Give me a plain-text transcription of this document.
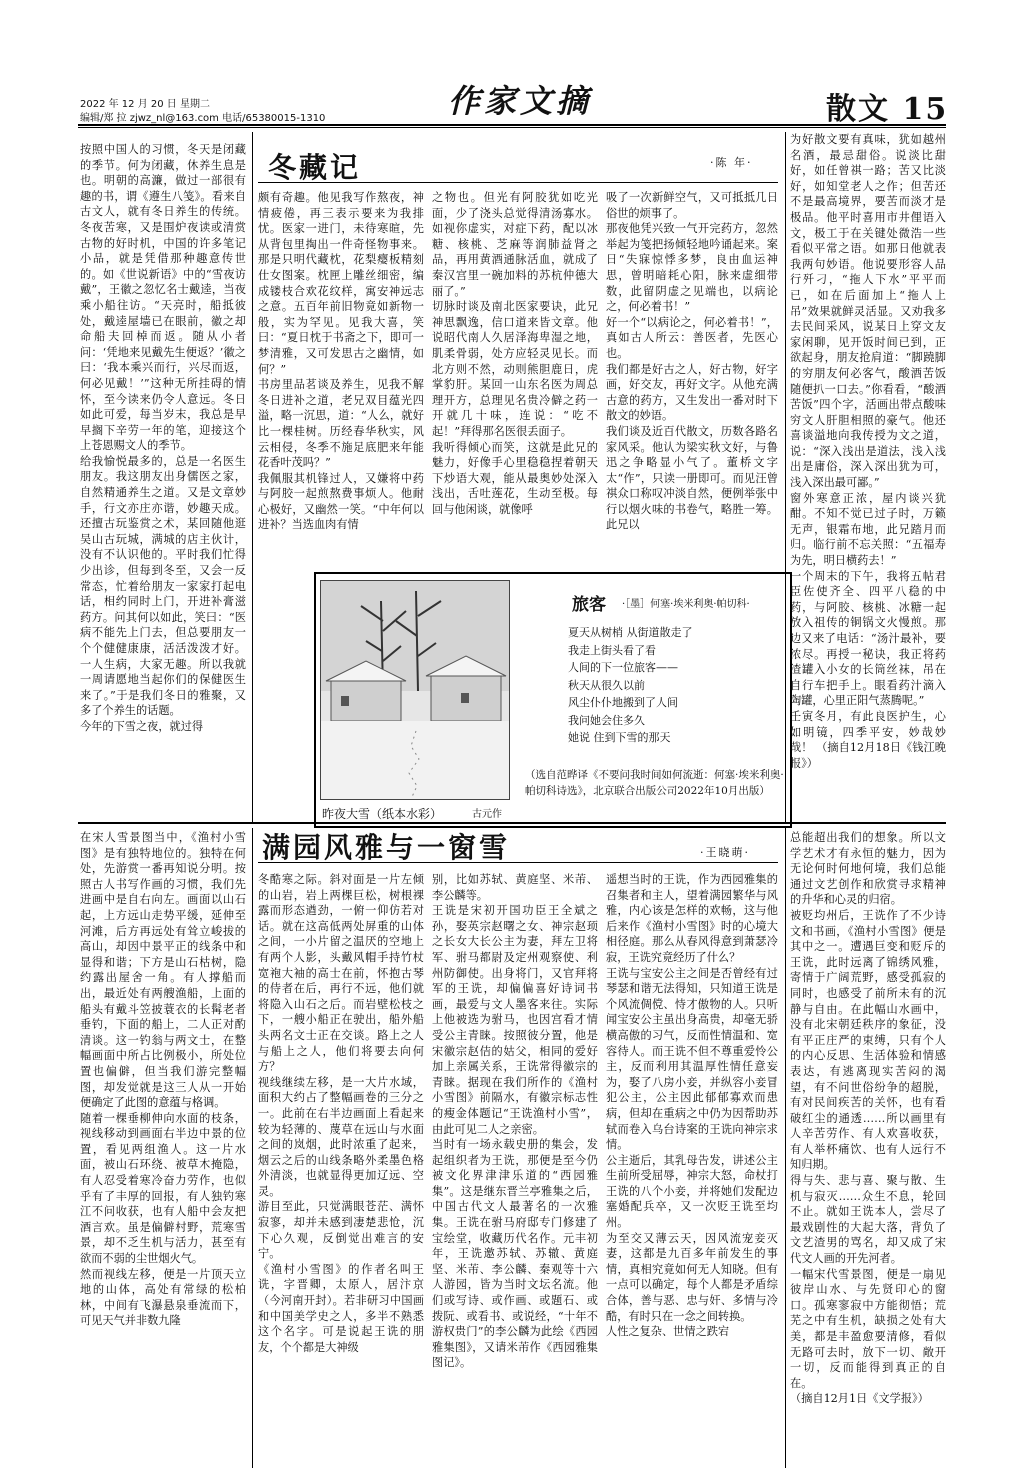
2022 年 12 月 20 日 星期二
编辑/郑 拉 zjwz_nl@163.com 电话/65380015-1310	作家文摘	散文 15
冬藏记	·陈 年·
按照中国人的习惯，冬天是闭藏的季节。何为闭藏，休养生息是也。明朝的高濂，做过一部很有趣的书，谓《遵生八笺》。看来自古文人，就有冬日养生的传统。冬夜苦寒，又是围炉夜读或清赏古物的好时机，中国的许多笔记小品，就是凭借那种趣意传世的。如《世说新语》中的“雪夜访戴”，王徽之忽忆名士戴逵，当夜乘小船往访。“天亮时，船抵彼处，戴逵屋墙已在眼前，徽之却命船夫回棹而返。随从小者问：‘凭地来见戴先生便返？’徽之曰：‘我本乘兴而行，兴尽而返，何必见戴！’”这种无所挂碍的情怀，至今读来仍令人意远。冬日如此可爱，每当岁末，我总是早早搁下辛劳一年的笔，迎接这个上苍恩赐文人的季节。
给我愉悦最多的，总是一名医生朋友。我这朋友出身儒医之家，自然精通养生之道。又是文章妙手，行文亦庄亦谐，妙趣天成。还擅古玩鉴赏之术，某回随他逛吴山古玩城，满城的店主伙计，没有不认识他的。平时我们忙得少出诊，但每到冬至，又会一反常态，忙着给朋友一家家打起电话，相约同时上门，开进补膏滋药方。问其何以如此，笑曰：“医病不能先上门去，但总要朋友一个个健健康康，活活泼泼才好。一人生病，大家无趣。所以我就一周请愿地当起你们的保健医生来了。”于是我们冬日的雅聚，又多了个养生的话题。
今年的下雪之夜，就过得
颇有奇趣。他见我写作熬夜，神情疲倦，再三表示要来为我排忧。医家一进门，未待寒暄，先从背包里掏出一件奇怪物事来。那是只明代藏枕，花梨瘿板精刻仕女图案。枕匣上雕丝细密，编成镂枝合欢花纹样，寓安神远志之意。五百年前旧物竟如新物一般，实为罕见。见我大喜，笑曰：“夏日枕于书斋之下，即可一梦清雅，又可发思古之幽情，如何？”
书房里品茗谈及养生，见我不解冬日进补之道，老兄双目蕴光四溢，略一沉思，道：“人么，就好比一棵桂树。历经春华秋实，风云相侵，冬季不施足底肥来年能花香叶茂吗？”
我佩服其机锋过人，又嫌将中药与阿胶一起煎熬费事烦人。他耐心极好，又幽然一笑。“中年何以进补？当选血肉有情
之物也。但光有阿胶犹如吃光面，少了浇头总觉得清汤寡水。如视你虚实，对症下药，配以冰糖、核桃、芝麻等润肺益肾之品，再用黄酒通脉活血，就成了秦汉宫里一碗加料的苏杭仲德大丽了。”
切脉时谈及南北医家要诀，此兄神思飘逸，信口道来皆文章。他说昭代南人久居泽海卑湿之地，肌柔骨弱，处方应轻灵见长。而北方则不然，动则熊胆鹿日，虎掌豹肝。某回一山东名医为周总理开方，总理见名贵冷僻之药一开就几十味，连说：“吃不起！”拜得那名医很丢面子。
我听得倾心而笑，这就是此兄的魅力，好像手心里稳稳捏着朝天下炒语大观，能从最奥妙处深入浅出，舌吐莲花，生动至极。每回与他闲谈，就像呼
吸了一次新鲜空气，又可抵抵几日俗世的烦事了。
那夜他凭兴致一气开完药方，忽然举起为笺把扬倾轻地吟诵起来。案日“失寐惊悸多梦，良由血运神思，曾明暗耗心阳，脉来虚细带数，此留阴虚之见端也，以病论之，何必着书！”
好一个“以病论之，何必着书！”，真如古人所云：善医者，先医心也。
我们都是好古之人，好古物，好字画，好交友，再好文字。从他充满古意的药方，又生发出一番对时下散文的妙语。
我们谈及近百代散文，历数各路名家风采。他认为梁实秋文好，与鲁迅之争略显小气了。董桥文字太“作”，只读一册即可。而见汪曾祺众口称叹冲淡自然，便例举张中行以烟火味的书卷气，略胜一筹。此兄以
为好散文要有真味，犹如越州名酒，最忌甜俗。说淡比甜好，如任曾祺一路；苦又比淡好，如知堂老人之作；但苦还不是最高境界，要苦而淡才是极品。他平时喜用市井俚语入文，极工于在关键处微浩一些看似平常之语。如那日他就表我两句妙语。他说要形容人品行歼刁，“拖人下水”平平而已，如在后面加上“拖人上吊”效果就鲜灵活显。又劝我多去民间采风，说某日上穿文友家闲聊，见开饭时间已到，正欲起身，朋友抢肩道：“脚蹺脚的穷朋友何必客气，酸酒苦饭随便扒一口去。”你看看，“酸酒苦饭”四个字，活画出带点酸味穷文人肝胆相照的豪气。他还喜谈溢地向我传授为文之道，说：“深入浅出是道法，浅入浅出是庸俗，深入深出犹为可，浅入深出最可鄙。”
窗外寒意正浓，屋内谈兴犹酣。不知不觉已过子时，万籁无声，银霜布地，此兄踏月而归。临行前不忘关照：“五福寿为先，明日横药去！”
一个周末的下午，我将五帖君臣佐使齐全、四平八稳的中药，与阿胶、核桃、冰糖一起放入祖传的铜锅文火慢煎。那边又来了电话：“汤汁最补，要浓尽。再授一秘诀，我正将药渣罐入小女的长筒丝袜，吊在自行车把手上。眼看药汁滴入陶罐，心里正阳气蒸腾呢。”
壬寅冬月，有此良医护生，心如明镜，四季平安，妙哉妙哉！ （摘自12月18日《钱江晚报》）
昨夜大雪（纸本水彩）	古元作
旅客 ·［墨］何塞·埃米利奥·帕切科·
夏天从树梢 从街道散走了
我走上街头看了看
人间的下一位旅客——
秋天从很久以前
风尘仆仆地搬到了人间
我问她会住多久
她说 住到下雪的那天
（选自范晔译《不要问我时间如何流逝：何塞·埃米利奥·帕切科诗选》，北京联合出版公司2022年10月出版）
满园风雅与一窗雪	·王晓萌·
在宋人雪景图当中，《渔村小雪图》是有独特地位的。独特在何处，先游赏一番再知说分明。按照古人书写作画的习惯，我们先进画中是自右向左。画面以山石起，上方远山走势平缓，延伸至河滩，后方再远处有耸立峻拔的高山，却因中景平正的线条中和显得和谐；下方是山石枯树，隐约露出屋舍一角。有人撑船而出，最近处有两艘渔船，上面的船头有戴斗笠披蓑衣的长髯老者垂钓，下面的船上，二人正对酌清谈。这一钓翁与两文士，在整幅画面中所占比例极小，所处位置也偏僻，但当我们游完整幅图，却发觉就是这三人从一开始便确定了此图的意蕴与格调。
随着一棵垂柳伸向水面的枝条，视线移动到画面右半边中景的位置，看见两组渔人。这一片水面，被山石环绕、被草木掩隐，有人忍受着寒冷奋力劳作，也似乎有了丰厚的回报，有人独钓寒江不问收获，也有人船中会友把酒言欢。虽是偏僻村野，荒寒雪景，却不乏生机与活力，甚至有欲而不弱的尘世烟火气。
然而视线左移，便是一片顶天立地的山体，高处有常绿的松柏林，中间有飞瀑悬泉垂流而下，可见天气并非数九隆
冬酷寒之际。斜对面是一片左倾的山岩，岩上两棵巨松，树根裸露而形态遒劲，一俯一仰仿若对话。就在这高低两处屏重的山体之间，一小片留之温厌的空地上有两个人影，头戴风帽手持竹杖宽袍大袖的高士在前，怀抱古琴的侍者在后，再行不远，他们就将隐入山石之后。而岩壁松枝之下，一艘小船正在驶出，船外船头两名文士正在交谈。路上之人与船上之人，他们将要去向何方？
视线继续左移，是一大片水域，面积大约占了整幅画卷的三分之一。此前在右半边画面上看起来较为轻薄的、蔑草在远山与水面之间的岚烟，此时浓重了起来，烟云之后的山线条略外柔墨色格外清淡，也就显得更加辽远、空灵。
游目至此，只觉满眼苍茫、满怀寂寥，却并未感到凄楚悲怆，沉下心久观，反倒觉出难言的安宁。
《渔村小雪图》的作者名叫王诜，字晋卿，太原人，居汴京（今河南开封）。若非研习中国画和中国美学史之人，多半不熟悉这个名字。可是说起王诜的朋友，个个都是大神级
别，比如苏轼、黄庭坚、米芾、李公麟等。
王诜是宋初开国功臣王全斌之孙，娶英宗赵曙之女、神宗赵顼之长女大长公主为妻，拜左卫将军、驸马都尉及定州观察使、利州防御使。出身将门，又官拜将军的王诜，却偏偏喜好诗词书画，最爱与文人墨客来往。实际上他被选为驸马，也因宫看才情受公主青睐。按照彼分置，他是宋徽宗赵佶的姑父，相同的爱好加上亲属关系，王诜常得徽宗的青睐。据现在我们所作的《渔村小雪图》前隔水，有徽宗标志性的瘦金体题记“王诜渔村小雪”，由此可见二人之亲密。
当时有一场永载史册的集会，发起组织者为王诜，那便是至今仍被文化界津津乐道的“西园雅集”。这是继东晋兰亭雅集之后，中国古代文人最著名的一次雅集。王诜在驸马府邸专门修建了宝绘堂，收藏历代名作。元丰初年，王诜邀苏轼、苏辙、黄庭坚、米芾、李公麟、秦观等十六人游园，皆为当时文坛名流。他们或写诗、或作画、或题石、或拨阮、或看书、或说经，“十年不游权贵门”的李公麟为此绘《西园雅集图》，又请米芾作《西园雅集图记》。
遥想当时的王诜，作为西园雅集的召集者和主人，望着满园繁华与风雅，内心该是怎样的欢畅，这与他后来作《渔村小雪图》时的心境大相径庭。那么从春风得意到萧瑟冷寂，王诜究竟经历了什么？
王诜与宝安公主之间是否曾经有过琴瑟和谐无法得知，只知道王诜是个风流倜傥、恃才傲物的人。只听闻宝安公主虽出身高贵，却毫无骄横高傲的习气，反而性情温和、宽容待人。而王诜不但不尊重爱怜公主，反而利用其温厚性情任意妄为，娶了八房小妾，并纵容小妾冒犯公主，公主因此郁郁寡欢而患病，但却在重病之中仍为因帮助苏轼而卷入乌台诗案的王诜向神宗求情。
公主逝后，其乳母告发，讲述公主生前所受屈辱，神宗大怒，命杖打王诜的八个小妾，并将她们发配边塞婚配兵卒，又一次贬王诜至均州。
为至交又薄云天，因风流宠妾灭妻，这都是九百多年前发生的事情，真相究竟如何无人知晓。但有一点可以确定，每个人都是矛盾综合体，善与恶、忠与奸、多情与冷酷，有时只在一念之间转换。
人性之复杂、世情之跌宕
总能超出我们的想象。所以文学艺术才有永恒的魅力，因为无论何时何地何境，我们总能通过文艺创作和欣赏寻求精神的升华和心灵的归宿。
被贬均州后，王诜作了不少诗文和书画，《渔村小雪图》便是其中之一。遭遇巨变和贬斥的王诜，此时远离了锦绣风雅，寄情于广阔荒野，感受孤寂的同时，也感受了前所未有的沉静与自由。在此幅山水画中，没有北宋朝廷秩序的象征，没有平正庄严的束缚，只有个人的内心反思、生活体验和情感表达，有逃离现实苦闷的渴望，有不问世俗纷争的超脱，有对民间疾苦的关怀，也有看破红尘的通透……所以画里有人辛苦劳作、有人欢喜收获，有人举杯痛饮、也有人远行不知归期。
得与失、悲与喜、聚与散、生机与寂灭……众生不息，轮回不止。就如王诜本人，尝尽了最戏剧性的大起大落，背负了文艺渣男的骂名，却又成了宋代文人画的开先河者。
一幅宋代雪景图，便是一扇见彼岸山水、与先贤印心的窗口。孤寒寥寂中方能彻悟；荒芜之中有生机，缺损之处有大美，都是丰盈愈要清修，看似无路可去时，放下一切、敞开一切，反而能得到真正的自在。
（摘自12月1日《文学报》）
